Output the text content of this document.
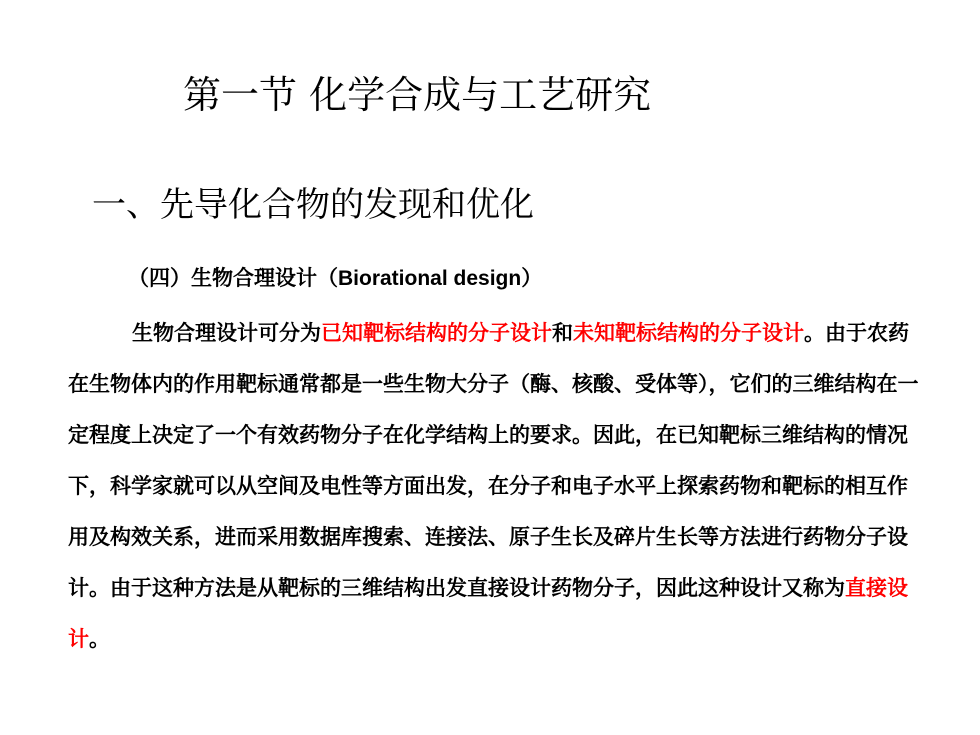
第一节 化学合成与工艺研究
一、先导化合物的发现和优化
（四）生物合理设计（Biorational design）
生物合理设计可分为已知靶标结构的分子设计和未知靶标结构的分子设计。由于农药在生物体内的作用靶标通常都是一些生物大分子（酶、核酸、受体等），它们的三维结构在一定程度上决定了一个有效药物分子在化学结构上的要求。因此，在已知靶标三维结构的情况下，科学家就可以从空间及电性等方面出发，在分子和电子水平上探索药物和靶标的相互作用及构效关系，进而采用数据库搜索、连接法、原子生长及碎片生长等方法进行药物分子设计。由于这种方法是从靶标的三维结构出发直接设计药物分子，因此这种设计又称为直接设计。
